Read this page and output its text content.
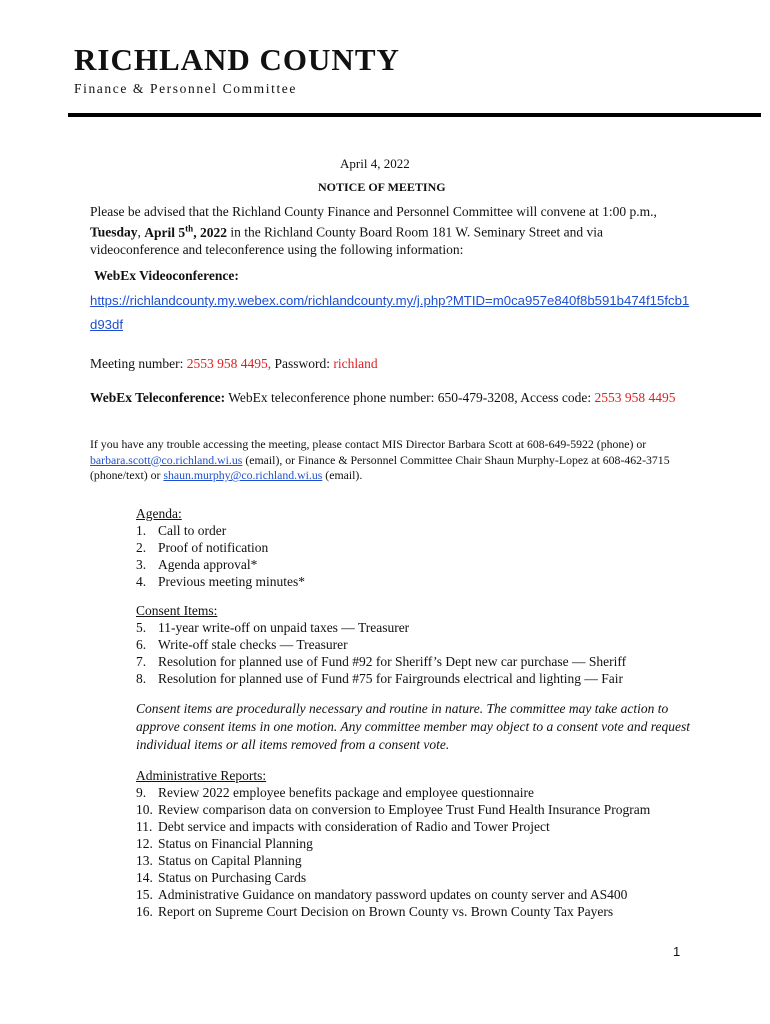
RICHLAND COUNTY
Finance & Personnel Committee
April 4, 2022
NOTICE OF MEETING
Please be advised that the Richland County Finance and Personnel Committee will convene at 1:00 p.m., Tuesday, April 5th, 2022 in the Richland County Board Room 181 W. Seminary Street and via videoconference and teleconference using the following information:
WebEx Videoconference:
https://richlandcounty.my.webex.com/richlandcounty.my/j.php?MTID=m0ca957e840f8b591b474f15fcb1d93df
Meeting number: 2553 958 4495, Password: richland
WebEx Teleconference: WebEx teleconference phone number: 650-479-3208, Access code: 2553 958 4495
If you have any trouble accessing the meeting, please contact MIS Director Barbara Scott at 608-649-5922 (phone) or barbara.scott@co.richland.wi.us (email), or Finance & Personnel Committee Chair Shaun Murphy-Lopez at 608-462-3715 (phone/text) or shaun.murphy@co.richland.wi.us (email).
Agenda:
1. Call to order
2. Proof of notification
3. Agenda approval*
4. Previous meeting minutes*
Consent Items:
5. 11-year write-off on unpaid taxes — Treasurer
6. Write-off stale checks — Treasurer
7. Resolution for planned use of Fund #92 for Sheriff’s Dept new car purchase — Sheriff
8. Resolution for planned use of Fund #75 for Fairgrounds electrical and lighting — Fair
Consent items are procedurally necessary and routine in nature. The committee may take action to approve consent items in one motion. Any committee member may object to a consent vote and request individual items or all items removed from a consent vote.
Administrative Reports:
9. Review 2022 employee benefits package and employee questionnaire
10. Review comparison data on conversion to Employee Trust Fund Health Insurance Program
11. Debt service and impacts with consideration of Radio and Tower Project
12. Status on Financial Planning
13. Status on Capital Planning
14. Status on Purchasing Cards
15. Administrative Guidance on mandatory password updates on county server and AS400
16. Report on Supreme Court Decision on Brown County vs. Brown County Tax Payers
1
